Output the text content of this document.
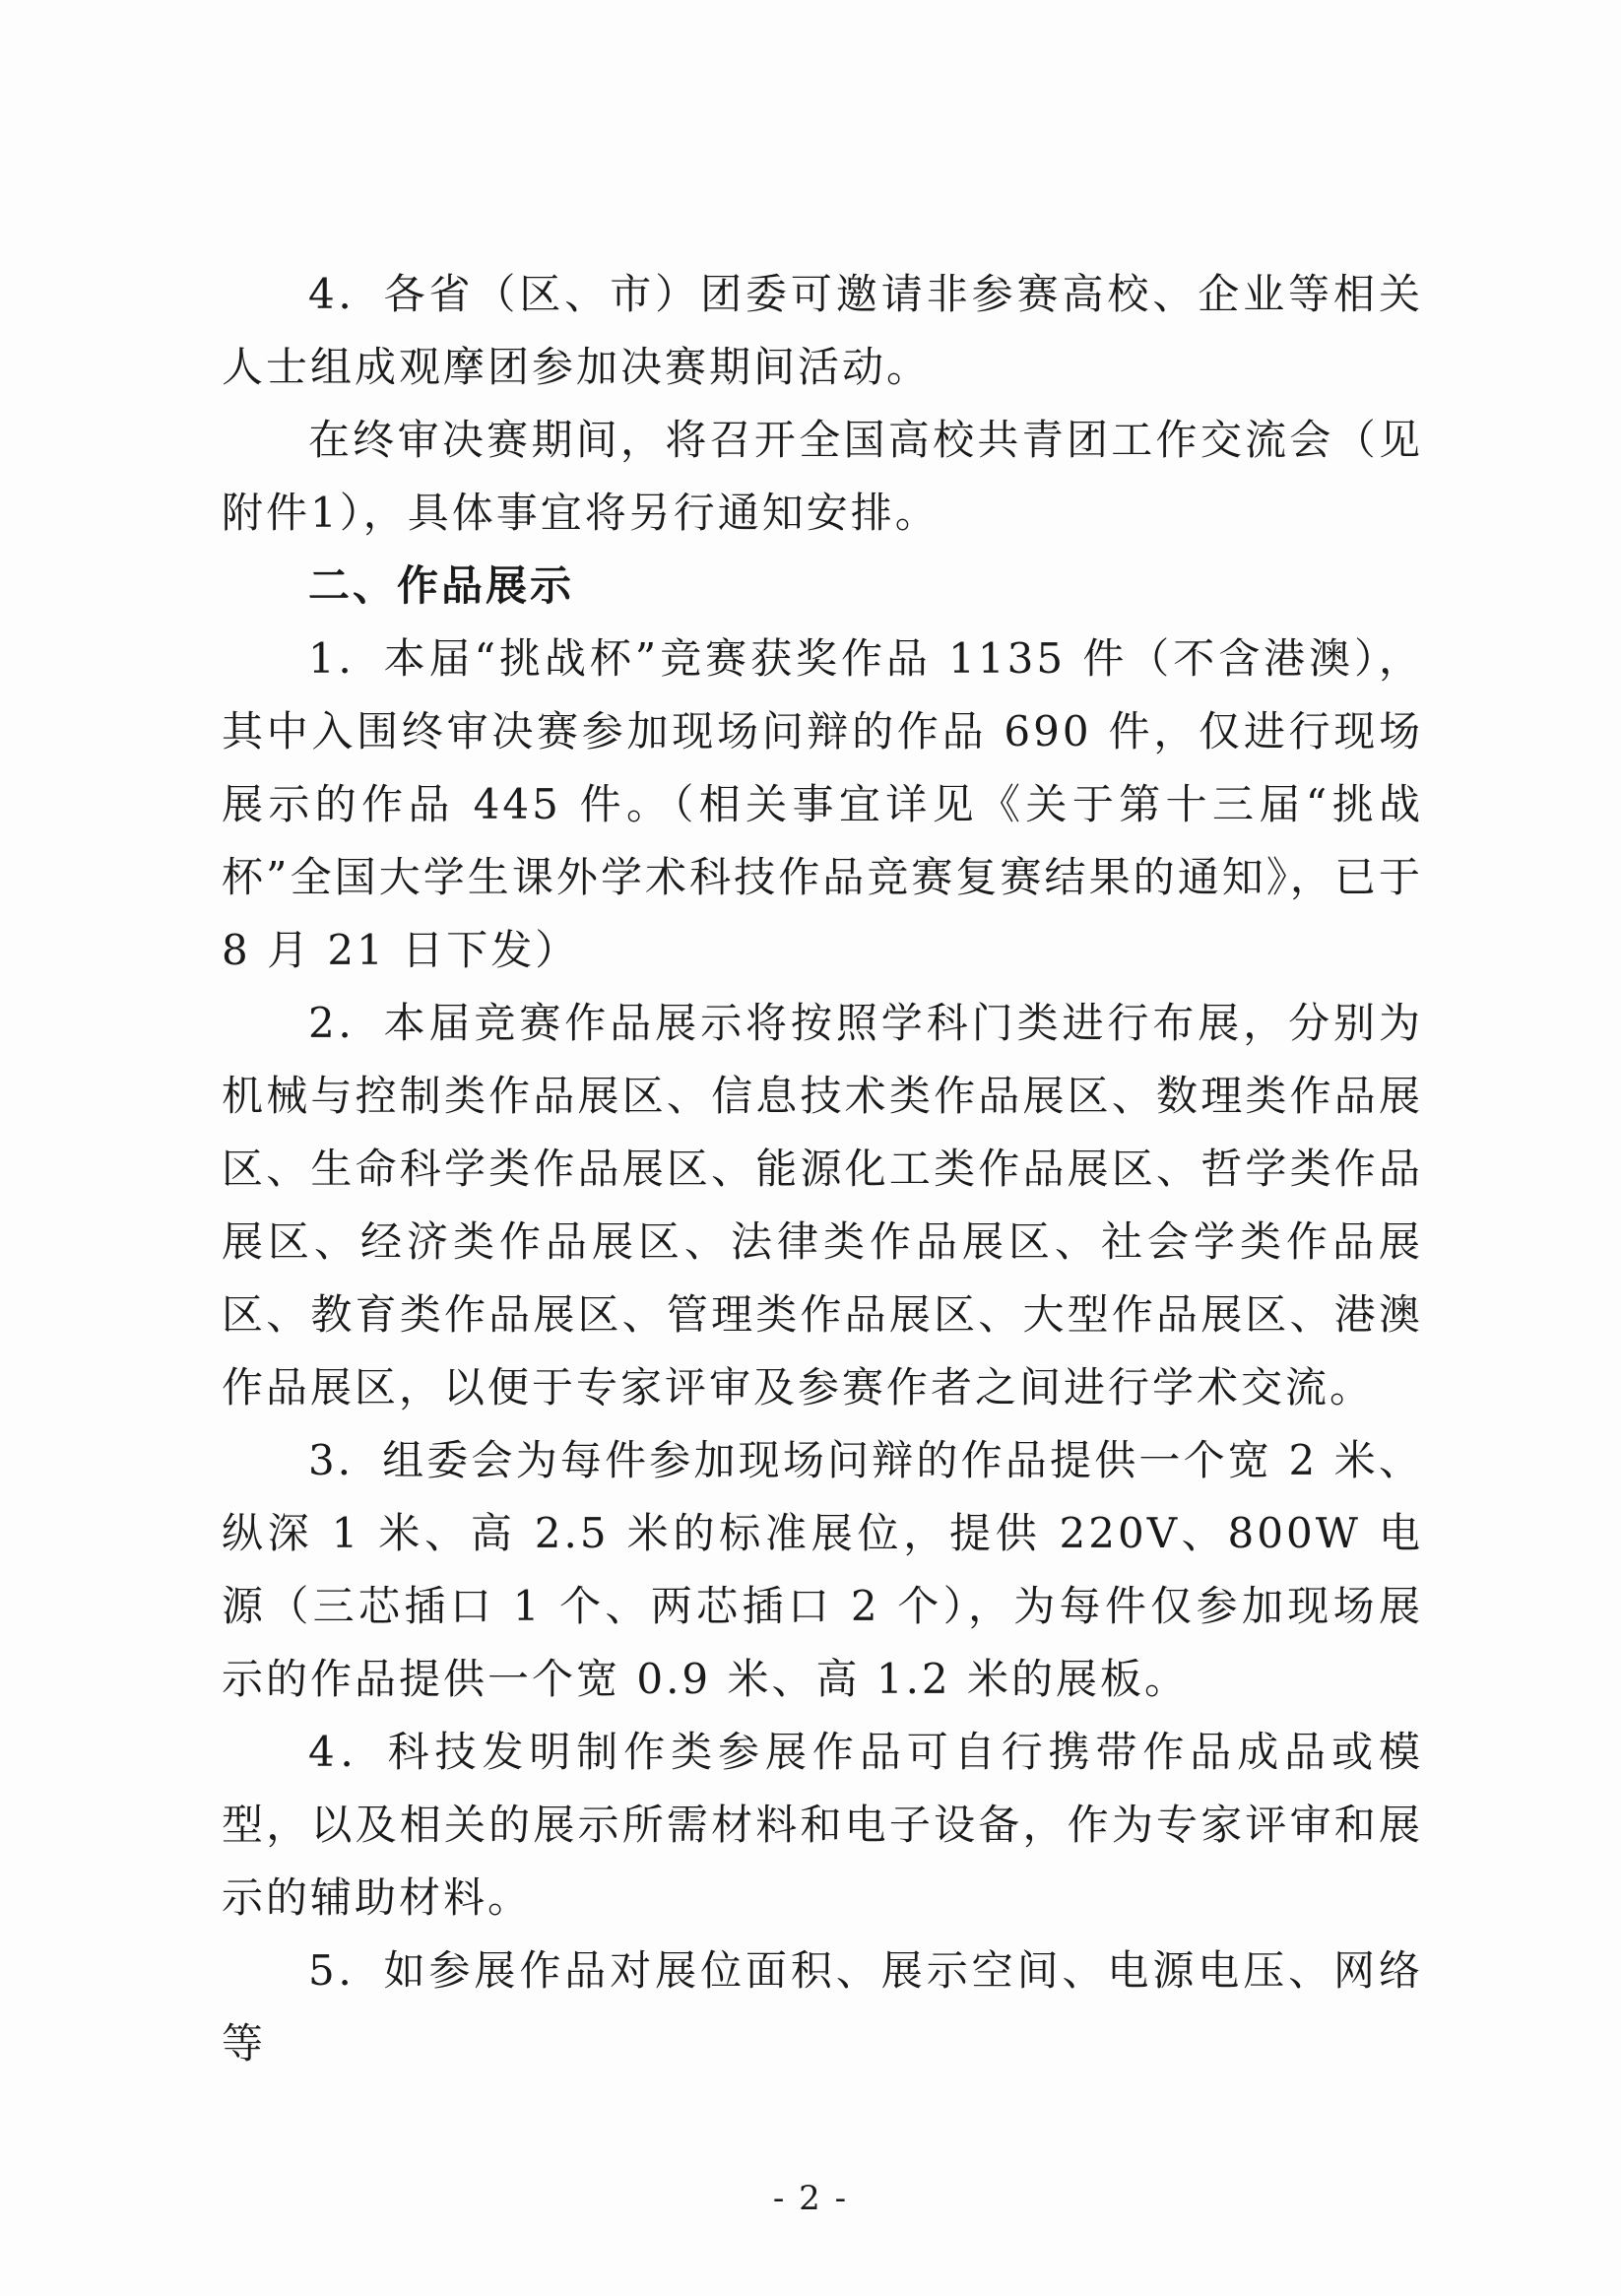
4．各省（区、市）团委可邀请非参赛高校、企业等相关人士组成观摩团参加决赛期间活动。

在终审决赛期间，将召开全国高校共青团工作交流会（见附件1），具体事宜将另行通知安排。

二、作品展示

1．本届“挑战杯”竞赛获奖作品 1135 件（不含港澳），其中入围终审决赛参加现场问辩的作品 690 件，仅进行现场展示的作品 445 件。（相关事宜详见《关于第十三届“挑战杯”全国大学生课外学术科技作品竞赛复赛结果的通知》，已于 8 月 21 日下发）

2．本届竞赛作品展示将按照学科门类进行布展，分别为机械与控制类作品展区、信息技术类作品展区、数理类作品展区、生命科学类作品展区、能源化工类作品展区、哲学类作品展区、经济类作品展区、法律类作品展区、社会学类作品展区、教育类作品展区、管理类作品展区、大型作品展区、港澳作品展区，以便于专家评审及参赛作者之间进行学术交流。

3．组委会为每件参加现场问辩的作品提供一个宽 2 米、纵深 1 米、高 2.5 米的标准展位，提供 220V、800W 电源（三芯插口 1 个、两芯插口 2 个），为每件仅参加现场展示的作品提供一个宽 0.9 米、高 1.2 米的展板。

4．科技发明制作类参展作品可自行携带作品成品或模型，以及相关的展示所需材料和电子设备，作为专家评审和展示的辅助材料。

5．如参展作品对展位面积、展示空间、电源电压、网络等

- 2 -
